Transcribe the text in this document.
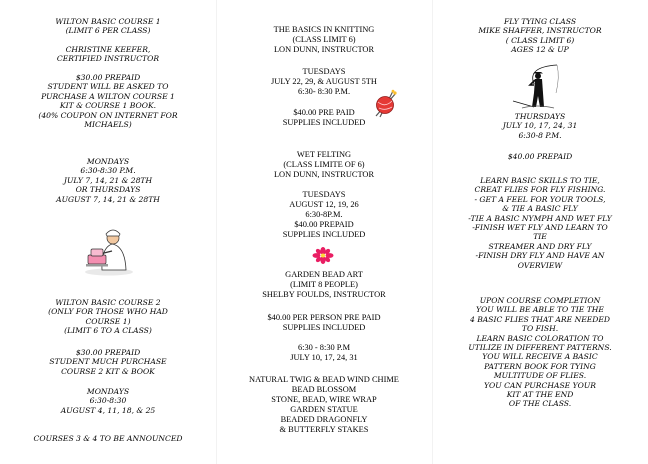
WILTON BASIC COURSE 1
(LIMIT 6 PER CLASS)
CHRISTINE KEEFER,
CERTIFIED INSTRUCTOR
$30.00 PREPAID
STUDENT WILL BE ASKED TO
PURCHASE A WILTON COURSE 1
KIT & COURSE 1 BOOK.
(40% COUPON ON INTERNET FOR
MICHAELS)
MONDAYS
6:30-8:30 P.M.
JULY 7, 14, 21 & 28TH
OR THURSDAYS
AUGUST 7, 14, 21 & 28TH
WILTON BASIC COURSE 2
(ONLY FOR THOSE WHO HAD
COURSE 1)
(LIMIT 6 TO A CLASS)
$30.00 PREPAID
STUDENT MUCH PURCHASE
COURSE 2 KIT & BOOK
MONDAYS
6:30-8:30
AUGUST 4, 11, 18, & 25
COURSES 3 & 4 TO BE ANNOUNCED
THE BASICS IN KNITTING
(CLASS LIMIT 6)
LON DUNN, INSTRUCTOR
TUESDAYS
JULY 22, 29, & AUGUST 5TH
6:30- 8:30 P.M.
$40.00 PRE PAID
SUPPLIES INCLUDED
WET FELTING
(CLASS LIMITE OF 6)
LON DUNN, INSTRUCTOR
TUESDAYS
AUGUST 12, 19, 26
6:30-8P.M.
$40.00 PREPAID
SUPPLIES INCLUDED
GARDEN BEAD ART
(LIMIT 8 PEOPLE)
SHELBY FOULDS, INSTRUCTOR
$40.00 PER PERSON PRE PAID
SUPPLIES INCLUDED
6:30 - 8:30 P.M
JULY 10, 17, 24, 31
NATURAL TWIG & BEAD WIND CHIME
BEAD BLOSSOM
STONE, BEAD, WIRE WRAP
GARDEN STATUE
BEADED DRAGONFLY
& BUTTERFLY STAKES
FLY TYING CLASS
MIKE SHAFFER, INSTRUCTOR
( CLASS LIMIT 6)
AGES 12 & UP
THURSDAYS
JULY 10, 17, 24, 31
6:30-8 P.M.
$40.00 PREPAID
LEARN BASIC SKILLS TO TIE,
CREAT FLIES FOR FLY FISHING.
- GET A FEEL FOR YOUR TOOLS,
& TIE A BASIC FLY
-TIE A BASIC NYMPH AND WET FLY
-FINISH WET FLY AND LEARN TO
TIE
STREAMER AND DRY FLY
-FINISH DRY FLY AND HAVE AN
OVERVIEW
UPON COURSE COMPLETION
YOU WILL BE ABLE TO TIE THE
4 BASIC FLIES THAT ARE NEEDED
TO FISH.
LEARN BASIC COLORATION TO
UTILIZE IN DIFFERENT PATTERNS.
YOU WILL RECEIVE A BASIC
PATTERN BOOK FOR TYING
MULTITUDE OF FLIES.
YOU CAN PURCHASE YOUR
KIT AT THE END
OF THE CLASS.
